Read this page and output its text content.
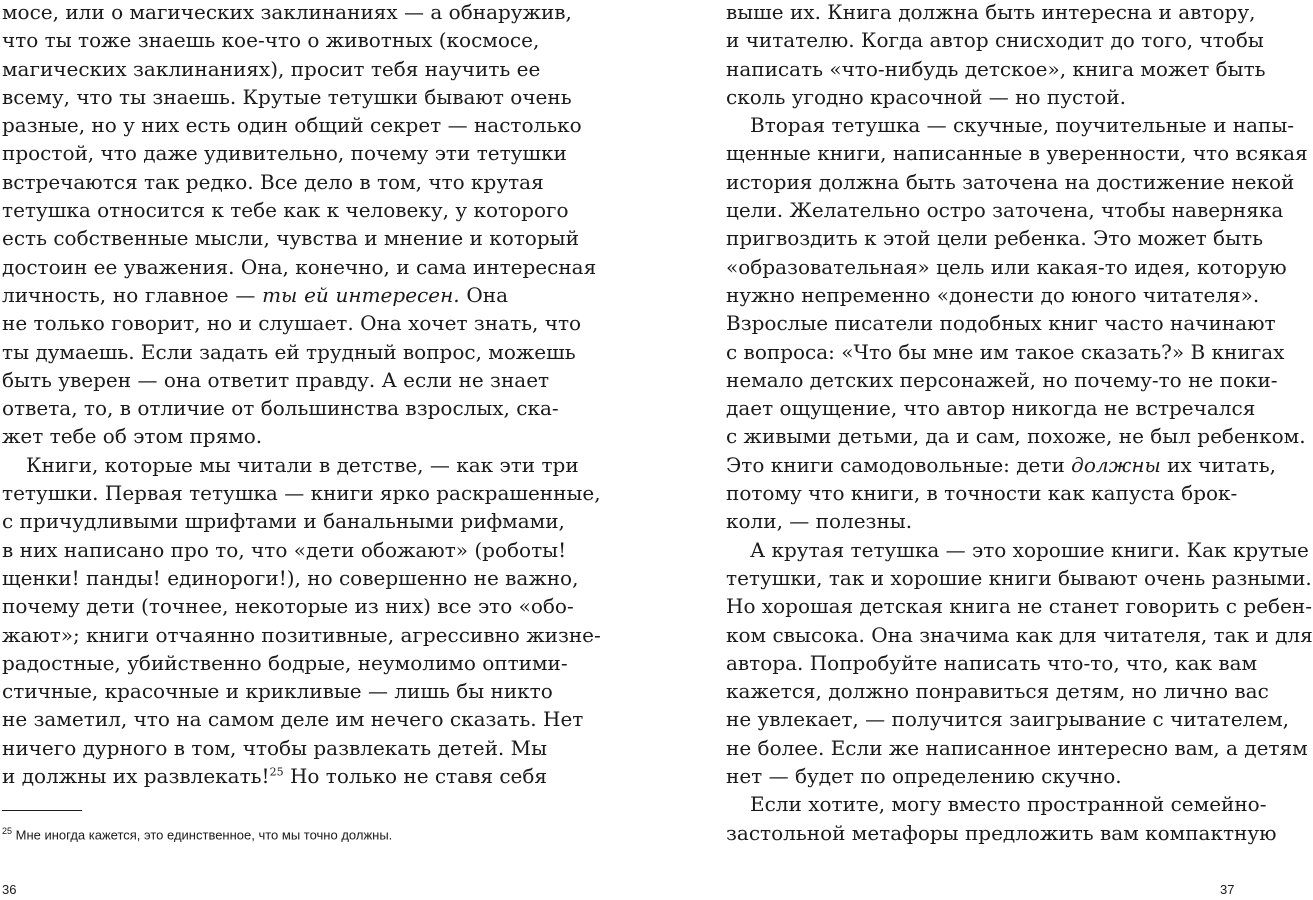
мосе, или о магических заклинаниях — а обнаружив,
что ты тоже знаешь кое-что о животных (космосе,
магических заклинаниях), просит тебя научить ее
всему, что ты знаешь. Крутые тетушки бывают очень
разные, но у них есть один общий секрет — настолько
простой, что даже удивительно, почему эти тетушки
встречаются так редко. Все дело в том, что крутая
тетушка относится к тебе как к человеку, у которого
есть собственные мысли, чувства и мнение и который
достоин ее уважения. Она, конечно, и сама интересная
личность, но главное — ты ей интересен. Она
не только говорит, но и слушает. Она хочет знать, что
ты думаешь. Если задать ей трудный вопрос, можешь
быть уверен — она ответит правду. А если не знает
ответа, то, в отличие от большинства взрослых, ска-
жет тебе об этом прямо.
Книги, которые мы читали в детстве, — как эти три
тетушки. Первая тетушка — книги ярко раскрашенные,
с причудливыми шрифтами и банальными рифмами,
в них написано про то, что «дети обожают» (роботы!
щенки! панды! единороги!), но совершенно не важно,
почему дети (точнее, некоторые из них) все это «обо-
жают»; книги отчаянно позитивные, агрессивно жизне-
радостные, убийственно бодрые, неумолимо оптими-
стичные, красочные и крикливые — лишь бы никто
не заметил, что на самом деле им нечего сказать. Нет
ничего дурного в том, чтобы развлекать детей. Мы
и должны их развлекать!$^{25}$ Но только не ставя себя
$^{25}$ Мне иногда кажется, это единственное, что мы точно должны.
36
выше их. Книга должна быть интересна и автору,
и читателю. Когда автор снисходит до того, чтобы
написать «что-нибудь детское», книга может быть
сколь угодно красочной — но пустой.
Вторая тетушка — скучные, поучительные и напы-
щенные книги, написанные в уверенности, что всякая
история должна быть заточена на достижение некой
цели. Желательно остро заточена, чтобы наверняка
пригвоздить к этой цели ребенка. Это может быть
«образовательная» цель или какая-то идея, которую
нужно непременно «донести до юного читателя».
Взрослые писатели подобных книг часто начинают
с вопроса: «Что бы мне им такое сказать?» В книгах
немало детских персонажей, но почему-то не поки-
дает ощущение, что автор никогда не встречался
с живыми детьми, да и сам, похоже, не был ребенком.
Это книги самодовольные: дети должны их читать,
потому что книги, в точности как капуста брок-
коли, — полезны.
А крутая тетушка — это хорошие книги. Как крутые
тетушки, так и хорошие книги бывают очень разными.
Но хорошая детская книга не станет говорить с ребен-
ком свысока. Она значима как для читателя, так и для
автора. Попробуйте написать что-то, что, как вам
кажется, должно понравиться детям, но лично вас
не увлекает, — получится заигрывание с читателем,
не более. Если же написанное интересно вам, а детям
нет — будет по определению скучно.
Если хотите, могу вместо пространной семейно-
застольной метафоры предложить вам компактную
37
